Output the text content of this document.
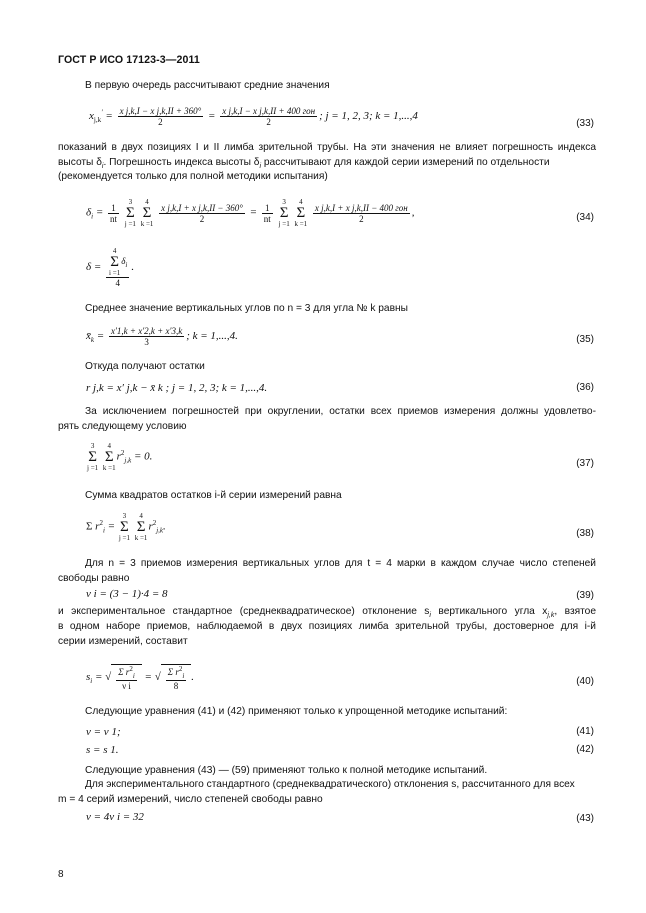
ГОСТ Р ИСО 17123-3—2011
В первую очередь рассчитывают средние значения
$x_{j,k}' = \frac{\text{x j,k,I − x j,k,II + 360°}}{2} = \frac{\text{x j,k,I − x j,k,II + 400 гон}}{2}$ ; j = 1, 2, 3; k = 1,...,4
(33)
показаний в двух позициях I и II лимба зрительной трубы. На эти значения не влияет погрешность индекса
высоты $\delta_i$. Погрешность индекса высоты $\delta_i$ рассчитывают для каждой серии измерений по отдельности
(рекомендуется только для полной методики испытания)
$\delta_i = \frac{1}{nt}$

3
Σ
j =1

4
Σ
k =1

$\frac{\text{x j,k,I + x j,k,II − 360°}}{2} = \frac{1}{nt}$

3
Σ
j =1

4
Σ
k =1

$\frac{\text{x j,k,I + x j,k,II − 400 гон}}{2}$ ,	(34)
δ = 4
Σ
i =1
$\delta_i$
4 .
Среднее значение вертикальных углов по n = 3 для угла № k равны
$x̄_k = \frac{x'1,k + x'2,k + x'3,k}{3}$ ; k = 1,...,4.	(35)
Откуда получают остатки
r j,k = x′ j,k − x̄ k ; j = 1, 2, 3; k = 1,...,4.	(36)
За исключением погрешностей при округлении, остатки всех приемов измерения должны удовлетво-
рять следующему условию
3
Σ
j =1

4
Σ
k =1
$r^2_{j,k} = 0$.
(37)
Сумма квадратов остатков i-й серии измерений равна
Σ $r^2_i$ =
3
Σ
j =1

4
Σ
k =1
$r^2_{j,k}$.
(38)
Для n = 3 приемов измерения вертикальных углов для t = 4 марки в каждом случае число степеней
свободы равно
ν i = (3 − 1)·4 = 8	(39)
и экспериментальное стандартное (среднеквадратическое) отклонение $s_i$ вертикального угла $x_{j,k}$, взятое
в одном наборе приемов, наблюдаемой в двух позициях лимба зрительной трубы, достоверное для i-й
серии измерений, составит
$s_i$ = √ $\frac{\Sigma r^2_i}{\text{ν i}}$ = √ $\frac{\Sigma r^2_i}{8}$ .	(40)
Следующие уравнения (41) и (42) применяют только к упрощенной методике испытаний:
ν = ν 1;	(41)
s = s 1.	(42)
Следующие уравнения (43) — (59) применяют только к полной методике испытаний.
Для экспериментального стандартного (среднеквадратического) отклонения s, рассчитанного для всех
m = 4 серий измерений, число степеней свободы равно
ν = 4ν i = 32	(43)
8
